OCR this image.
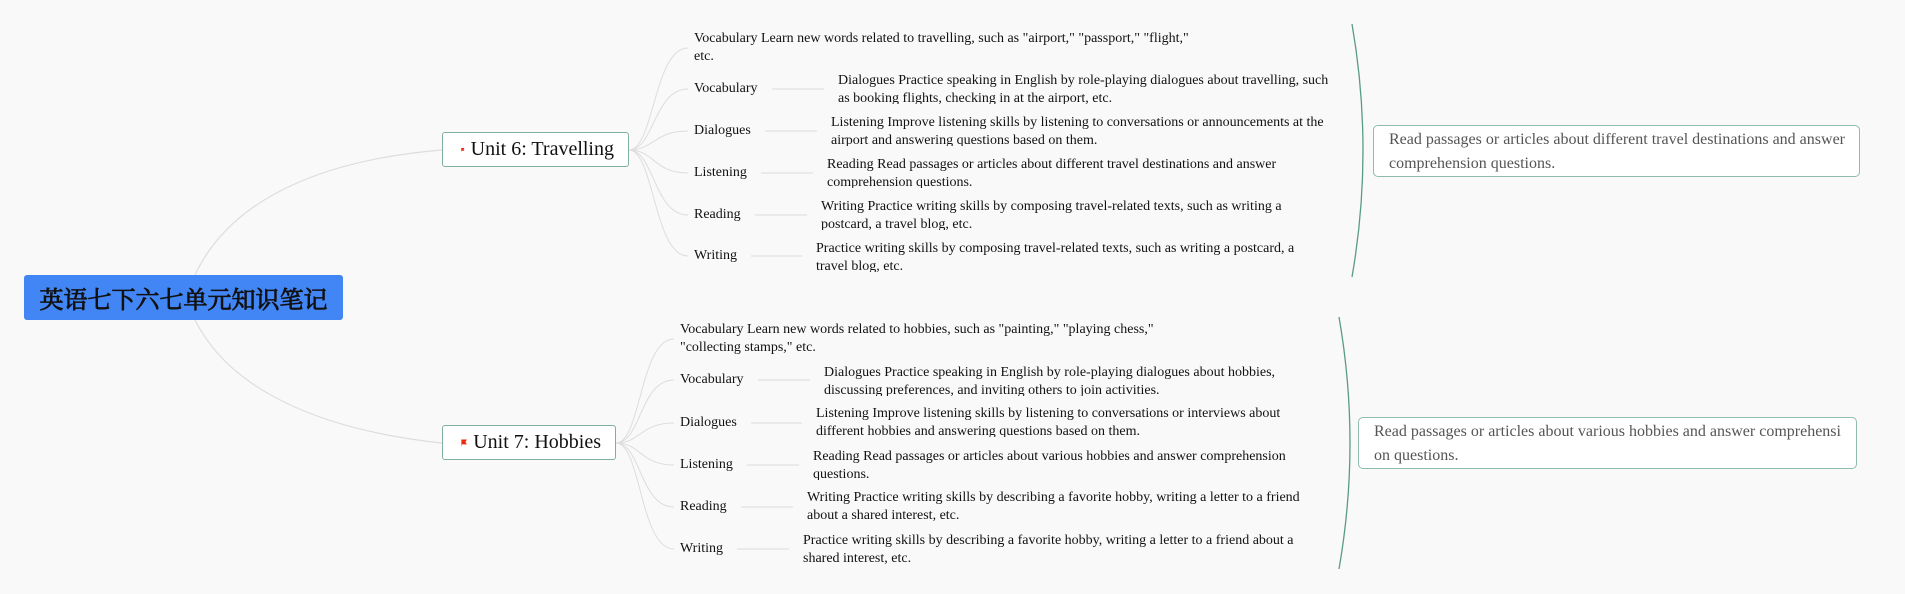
英语七下六七单元知识笔记
Unit 6: Travelling
Vocabulary Learn new words related to travelling, such as "airport," "passport," "flight,"
etc.
Vocabulary
Dialogues Practice speaking in English by role-playing dialogues about travelling, such
as booking flights, checking in at the airport, etc.
Dialogues
Listening Improve listening skills by listening to conversations or announcements at the
airport and answering questions based on them.
Listening
Reading Read passages or articles about different travel destinations and answer
comprehension questions.
Reading
Writing Practice writing skills by composing travel-related texts, such as writing a
postcard, a travel blog, etc.
Writing	Practice writing skills by composing travel-related texts, such as writing a postcard, a
travel blog, etc.
Read passages or articles about different travel destinations and answer
comprehension questions.
Unit 7: Hobbies
Vocabulary Learn new words related to hobbies, such as "painting," "playing chess,"
"collecting stamps," etc.
Vocabulary	Dialogues Practice speaking in English by role-playing dialogues about hobbies,
discussing preferences, and inviting others to join activities.
Dialogues
Listening Improve listening skills by listening to conversations or interviews about
different hobbies and answering questions based on them.
Listening
Reading Read passages or articles about various hobbies and answer comprehension
questions.
Reading
Writing Practice writing skills by describing a favorite hobby, writing a letter to a friend
about a shared interest, etc.
Writing
Practice writing skills by describing a favorite hobby, writing a letter to a friend about a
shared interest, etc.
Read passages or articles about various hobbies and answer comprehensi
on questions.
